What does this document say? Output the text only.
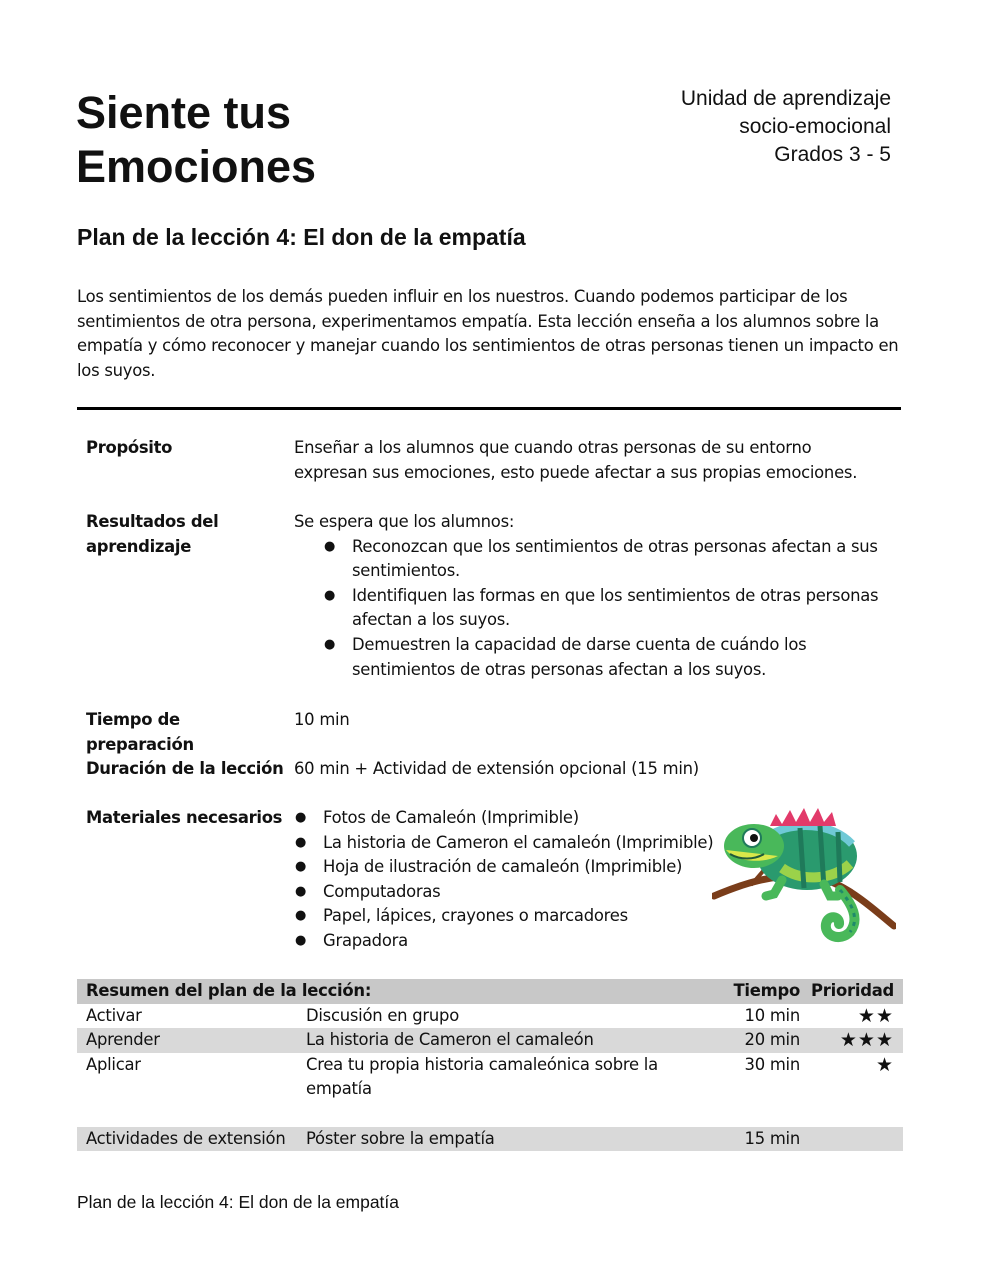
Siente tus
Emociones
Unidad de aprendizaje
socio-emocional
Grados 3 - 5
Plan de la lección 4: El don de la empatía
Los sentimientos de los demás pueden influir en los nuestros. Cuando podemos participar de los sentimientos de otra persona, experimentamos empatía. Esta lección enseña a los alumnos sobre la empatía y cómo reconocer y manejar cuando los sentimientos de otras personas tienen un impacto en los suyos.
Propósito	Enseñar a los alumnos que cuando otras personas de su entorno expresan sus emociones, esto puede afectar a sus propias emociones.
Resultados del
aprendizaje
Se espera que los alumnos:
● Reconozcan que los sentimientos de otras personas afectan a sus sentimientos.
● Identifiquen las formas en que los sentimientos de otras personas afectan a los suyos.
● Demuestren la capacidad de darse cuenta de cuándo los sentimientos de otras personas afectan a los suyos.
Tiempo de
preparación
10 min
Duración de la lección 60 min + Actividad de extensión opcional (15 min)
Materiales necesarios
●	Fotos de Camaleón (Imprimible)
● La historia de Cameron el camaleón (Imprimible)
● Hoja de ilustración de camaleón (Imprimible)
● Computadoras
● Papel, lápices, crayones o marcadores
● Grapadora
Resumen del plan de la lección:	Tiempo Prioridad
Activar	Discusión en grupo	10 min	★★
Aprender	La historia de Cameron el camaleón	20 min ★★★
Aplicar	Crea tu propia historia camaleónica sobre la empatía
30 min	★
Actividades de extensión Póster sobre la empatía	15 min
Plan de la lección 4: El don de la empatía
